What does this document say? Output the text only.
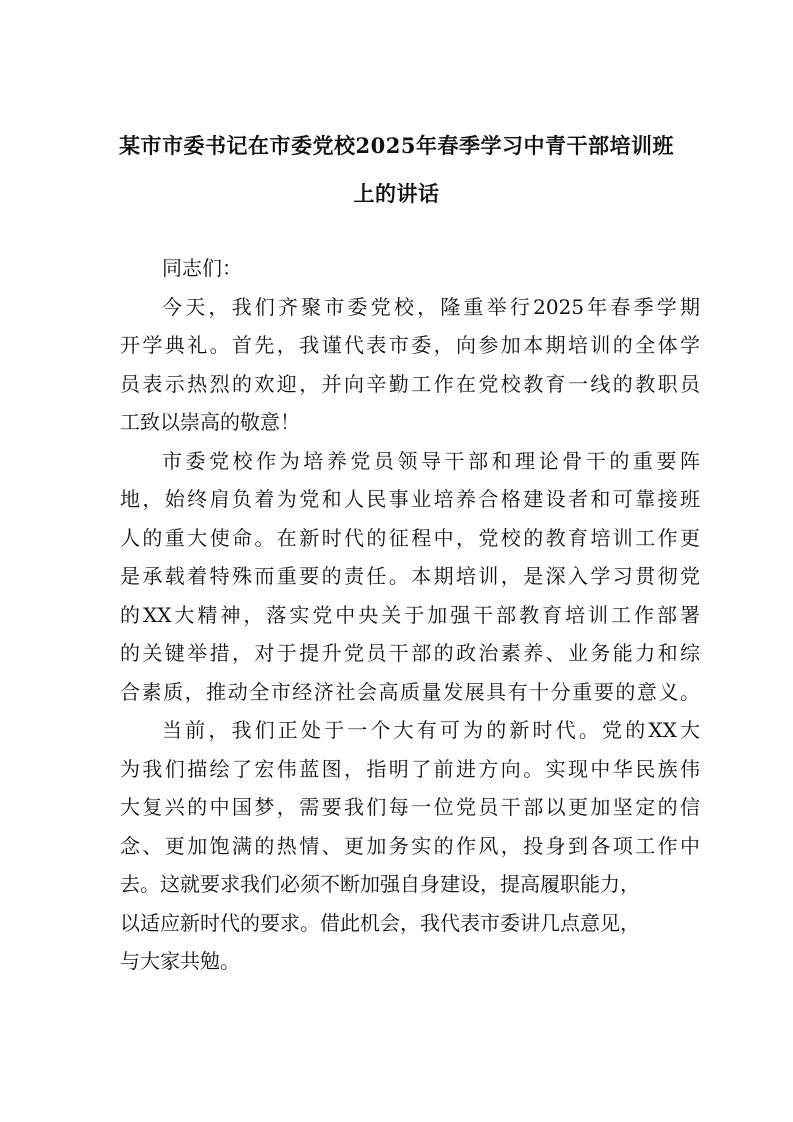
某市市委书记在市委党校2025年春季学习中青干部培训班
上的讲话
同志们：
今天，我们齐聚市委党校，隆重举行2025年春季学期
开学典礼。首先，我谨代表市委，向参加本期培训的全体学
员表示热烈的欢迎，并向辛勤工作在党校教育一线的教职员
工致以崇高的敬意！
市委党校作为培养党员领导干部和理论骨干的重要阵
地，始终肩负着为党和人民事业培养合格建设者和可靠接班
人的重大使命。在新时代的征程中，党校的教育培训工作更
是承载着特殊而重要的责任。本期培训，是深入学习贯彻党
的XX大精神，落实党中央关于加强干部教育培训工作部署
的关键举措，对于提升党员干部的政治素养、业务能力和综
合素质，推动全市经济社会高质量发展具有十分重要的意义。
当前，我们正处于一个大有可为的新时代。党的XX大
为我们描绘了宏伟蓝图，指明了前进方向。实现中华民族伟
大复兴的中国梦，需要我们每一位党员干部以更加坚定的信
念、更加饱满的热情、更加务实的作风，投身到各项工作中
去。这就要求我们必须不断加强自身建设，提高履职能力，
以适应新时代的要求。借此机会，我代表市委讲几点意见，
与大家共勉。
